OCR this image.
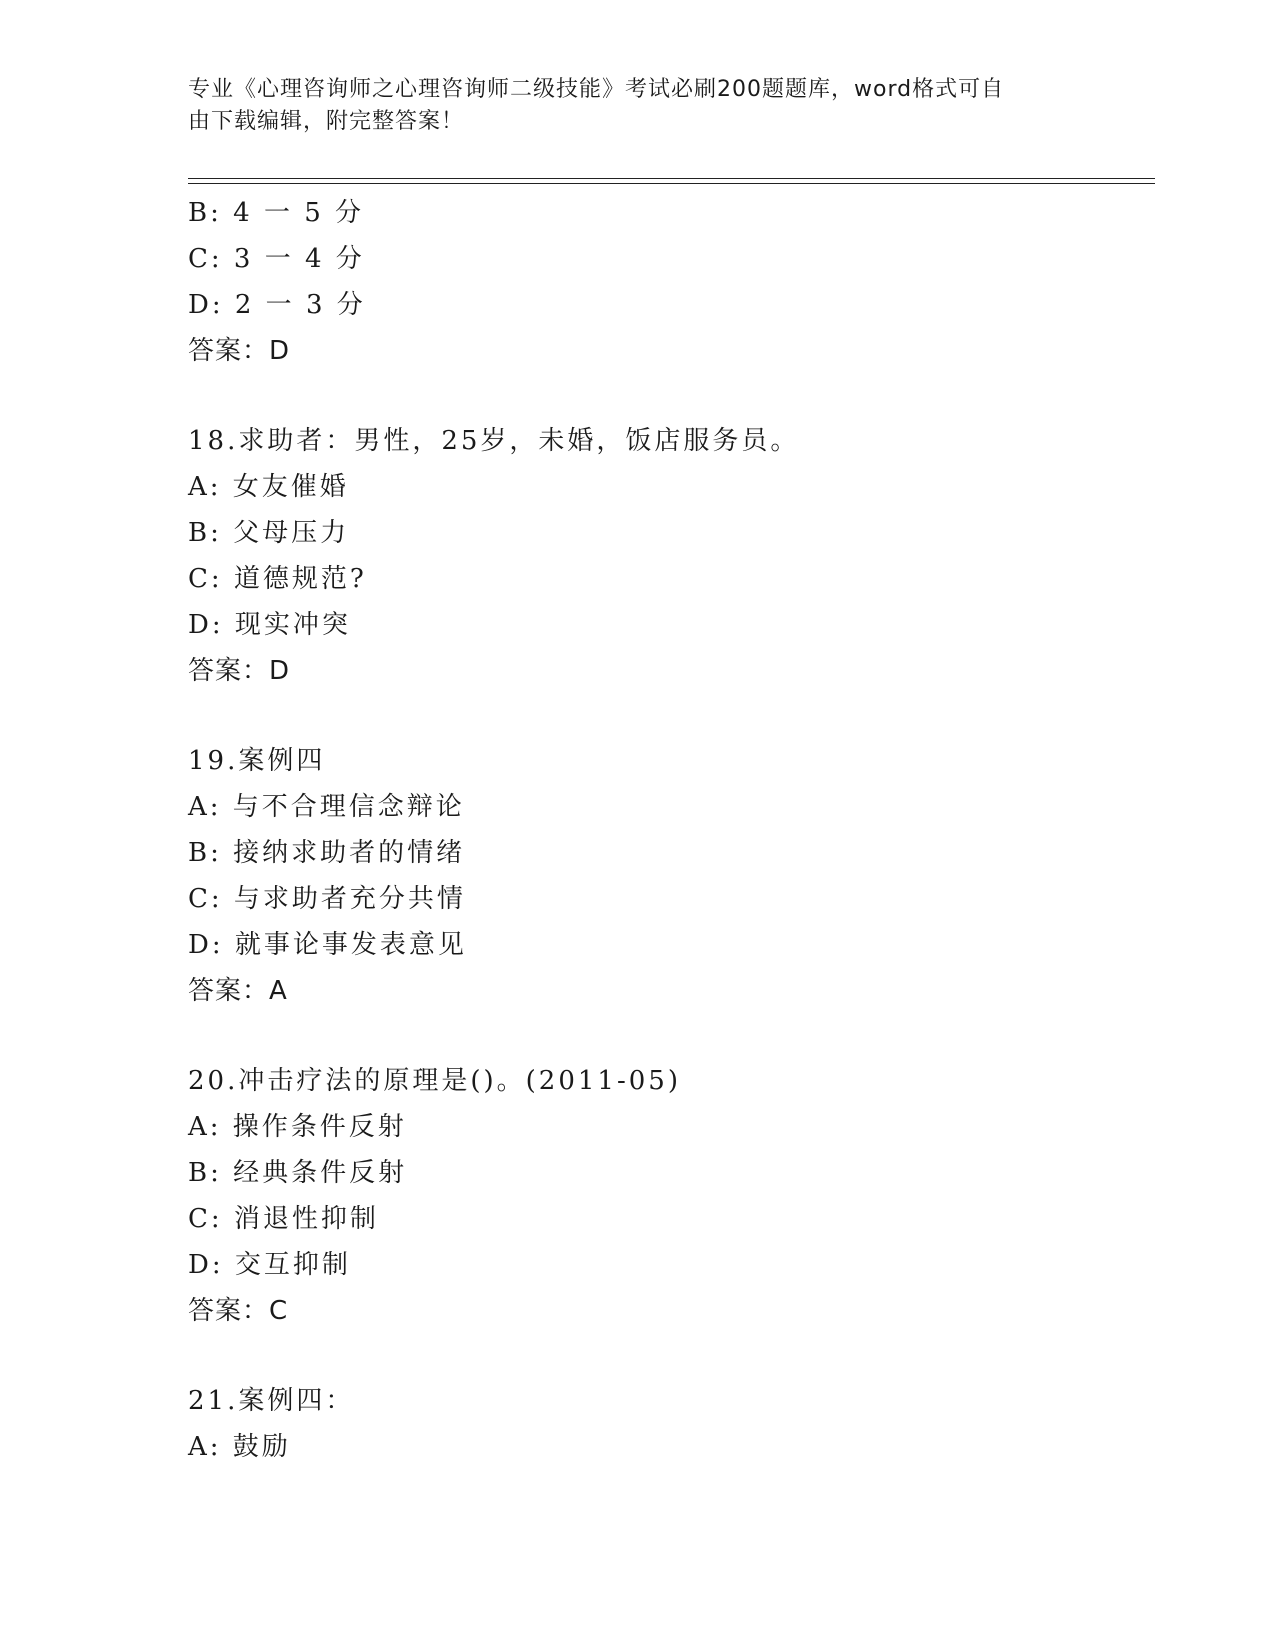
专业《心理咨询师之心理咨询师二级技能》考试必刷200题题库，word格式可自
由下载编辑，附完整答案！
B: 4 一 5 分
C: 3 一 4 分
D: 2 一 3 分
答案：D
18.求助者：男性，25岁，未婚，饭店服务员。
A: 女友催婚
B: 父母压力
C: 道德规范?
D: 现实冲突
答案：D
19.案例四
A: 与不合理信念辩论
B: 接纳求助者的情绪
C: 与求助者充分共情
D: 就事论事发表意见
答案：A
20.冲击疗法的原理是()。(2011-05)
A: 操作条件反射
B: 经典条件反射
C: 消退性抑制
D: 交互抑制
答案：C
21.案例四：
A: 鼓励
